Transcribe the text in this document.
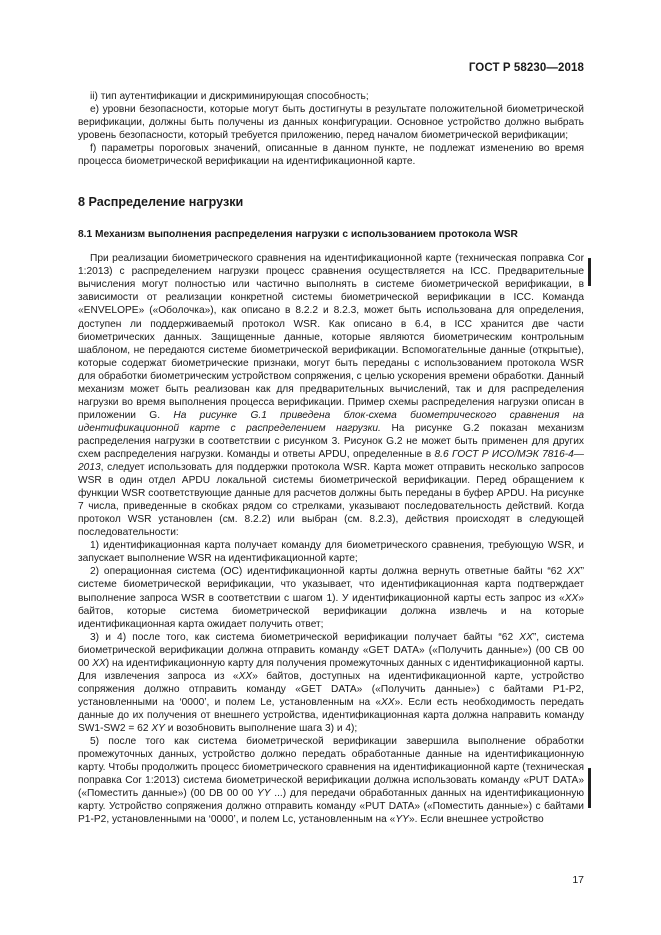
ГОСТ Р 58230—2018

ii) тип аутентификации и дискриминирующая способность;

e) уровни безопасности, которые могут быть достигнуты в результате положительной биометрической верификации, должны быть получены из данных конфигурации. Основное устройство должно выбрать уровень безопасности, который требуется приложению, перед началом биометрической верификации;

f) параметры пороговых значений, описанные в данном пункте, не подлежат изменению во время процесса биометрической верификации на идентификационной карте.

8 Распределение нагрузки
8.1 Механизм выполнения распределения нагрузки с использованием протокола WSR

При реализации биометрического сравнения на идентификационной карте (техническая поправка Cor 1:2013) с распределением нагрузки процесс сравнения осуществляется на ICC. Предварительные вычисления могут полностью или частично выполнять в системе биометрической верификации, в зависимости от реализации конкретной системы биометрической верификации в ICC. Команда «ENVELOPE» («Оболочка»), как описано в 8.2.2 и 8.2.3, может быть использована для определения, доступен ли поддерживаемый протокол WSR. Как описано в 6.4, в ICC хранится две части биометрических данных. Защищенные данные, которые являются биометрическим контрольным шаблоном, не передаются системе биометрической верификации. Вспомогательные данные (открытые), которые содержат биометрические признаки, могут быть переданы с использованием протокола WSR для обработки биометрическим устройством сопряжения, с целью ускорения времени обработки. Данный механизм может быть реализован как для предварительных вычислений, так и для распределения нагрузки во время выполнения процесса верификации. Пример схемы распределения нагрузки описан в приложении G. На рисунке G.1 приведена блок-схема биометрического сравнения на идентификационной карте с распределением нагрузки. На рисунке G.2 показан механизм распределения нагрузки в соответствии с рисунком 3. Рисунок G.2 не может быть применен для других схем распределения нагрузки. Команды и ответы APDU, определенные в 8.6 ГОСТ Р ИСО/МЭК 7816-4—2013, следует использовать для поддержки протокола WSR. Карта может отправить несколько запросов WSR в один отдел APDU локальной системы биометрической верификации. Перед обращением к функции WSR соответствующие данные для расчетов должны быть переданы в буфер APDU. На рисунке 7 числа, приведенные в скобках рядом со стрелками, указывают последовательность действий. Когда протокол WSR установлен (см. 8.2.2) или выбран (см. 8.2.3), действия происходят в следующей последовательности:

1) идентификационная карта получает команду для биометрического сравнения, требующую WSR, и запускает выполнение WSR на идентификационной карте;

2) операционная система (ОС) идентификационной карты должна вернуть ответные байты “62 XX” системе биометрической верификации, что указывает, что идентификационная карта подтверждает выполнение запроса WSR в соответствии с шагом 1). У идентификационной карты есть запрос из «XX» байтов, которые система биометрической верификации должна извлечь и на которые идентификационная карта ожидает получить ответ;

3) и 4) после того, как система биометрической верификации получает байты “62 XX”, система биометрической верификации должна отправить команду «GET DATA» («Получить данные») (00 CB 00 00 XX) на идентификационную карту для получения промежуточных данных с идентификационной карты. Для извлечения запроса из «XX» байтов, доступных на идентификационной карте, устройство сопряжения должно отправить команду «GET DATA» («Получить данные») с байтами P1-P2, установленными на ‘0000’, и полем Le, установленным на «XX». Если есть необходимость передать данные до их получения от внешнего устройства, идентификационная карта должна направить команду SW1-SW2 = 62 XY и возобновить выполнение шага 3) и 4);

5) после того как система биометрической верификации завершила выполнение обработки промежуточных данных, устройство должно передать обработанные данные на идентификационную карту. Чтобы продолжить процесс биометрического сравнения на идентификационной карте (техническая поправка Cor 1:2013) система биометрической верификации должна использовать команду «PUT DATA» («Поместить данные») (00 DB 00 00 YY ...) для передачи обработанных данных на идентификационную карту. Устройство сопряжения должно отправить команду «PUT DATA» («Поместить данные») с байтами P1-P2, установленными на ‘0000’, и полем Lc, установленным на «YY». Если внешнее устройство

17
